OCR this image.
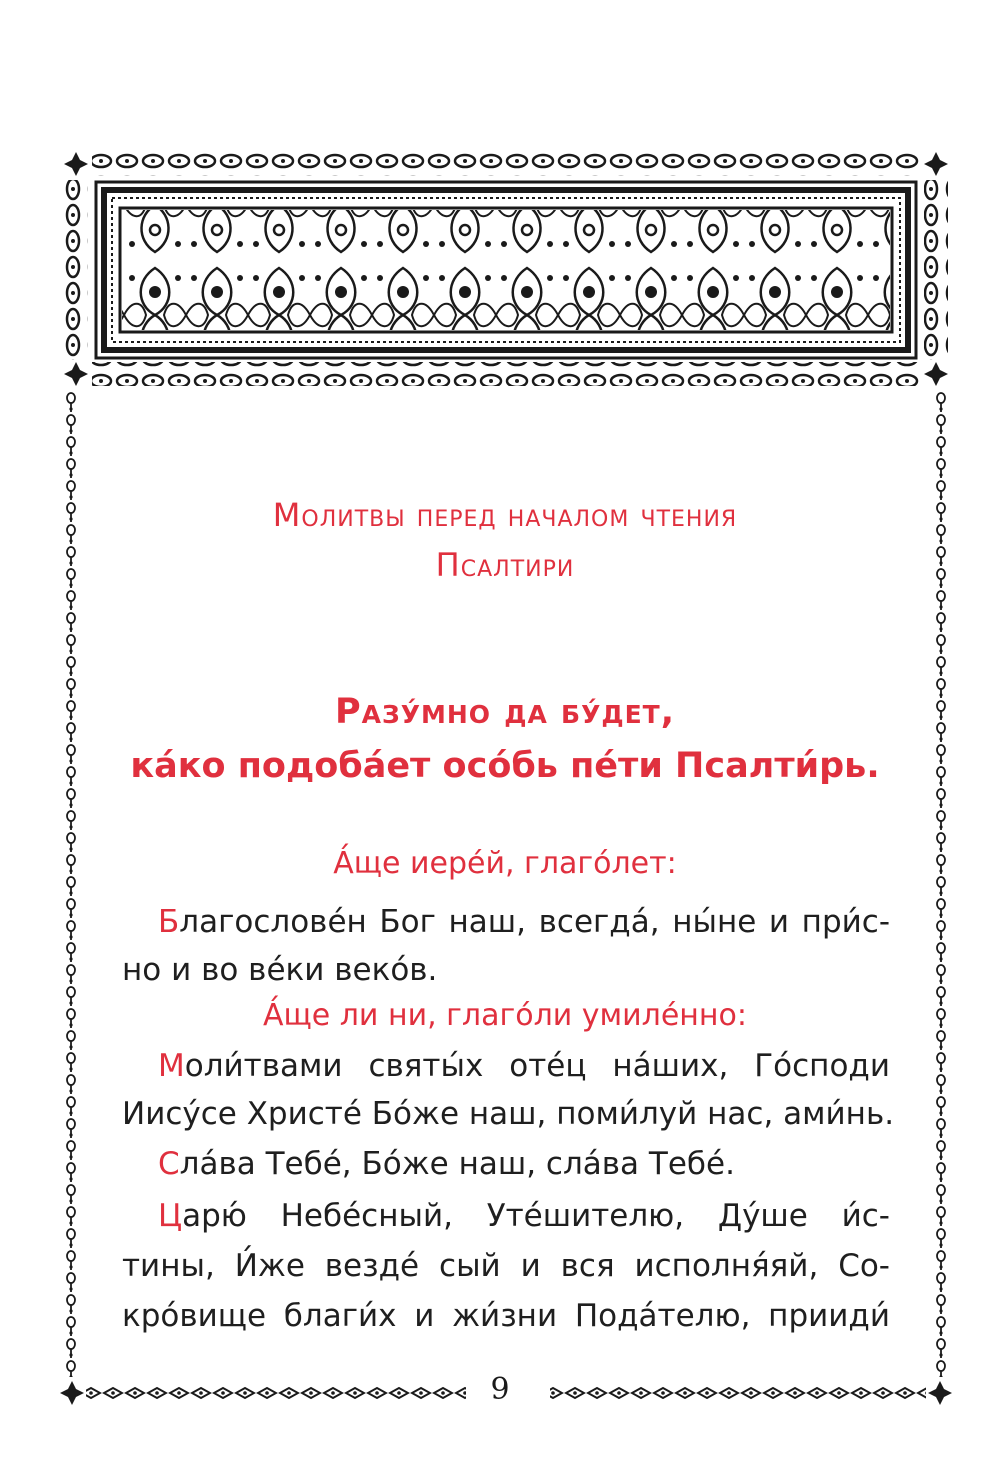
9
Молитвы перед началом чтения
Псалтири
Разу́мно да бу́дет,
ка́ко подоба́ет осо́бь пе́ти Псалти́рь.
А́ще иере́й, глаго́лет:
Благослове́н Бог наш, всегда́, ны́не и при́с-
но и во ве́ки веко́в.
А́ще ли ни, глаго́ли умиле́нно:
Моли́твами святы́х оте́ц на́ших, Го́споди
Иису́се Христе́ Бо́же наш, поми́луй нас, ами́нь.
Сла́ва Тебе́, Бо́же наш, сла́ва Тебе́.
Царю́ Небе́сный, Уте́шителю, Ду́ше и́с-
тины, И́же везде́ сый и вся исполня́яй, Со-
кро́вище благи́х и жи́зни Пода́телю, прииди́
